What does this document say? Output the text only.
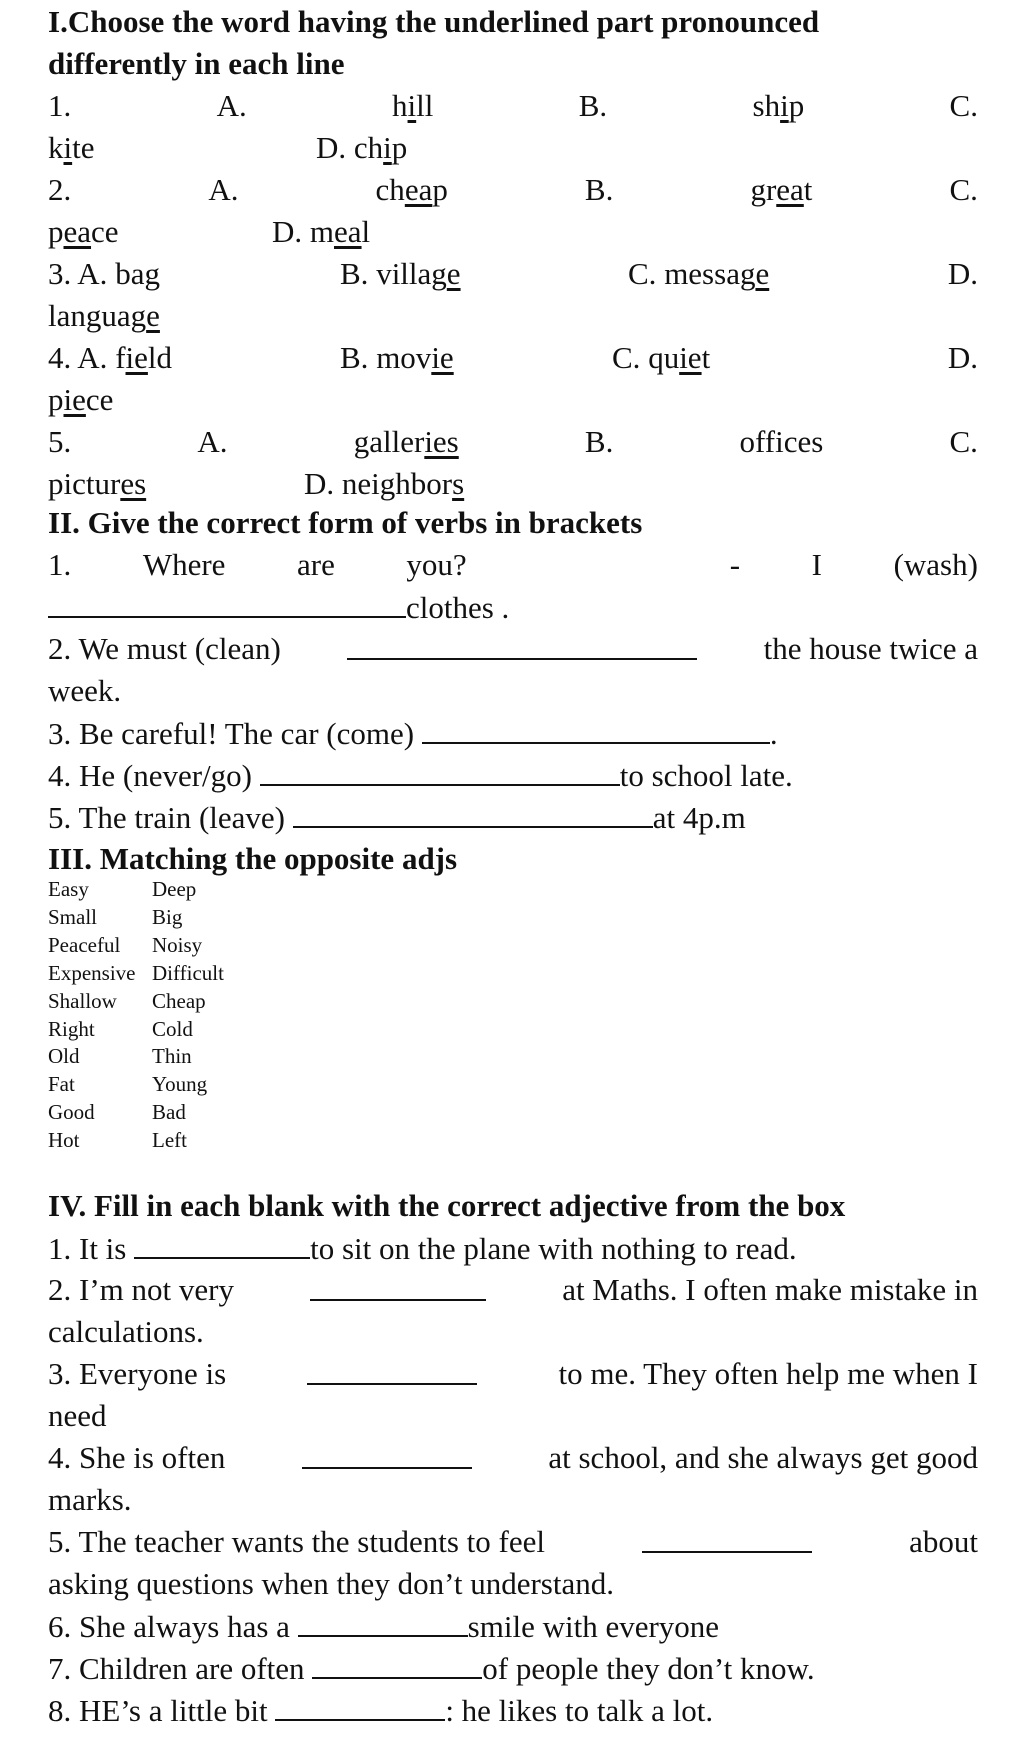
I.Choose the word having the underlined part pronounced
differently in each line
1.	A.	hill	B.	ship	C.
kite	D. chip
2.	A.	cheap	B.	great	C.
peace	D. meal
3. A. bag	B. village	C. message	D.
language
4. A. field	B. movie	C. quiet	D.
piece
5.	A.	galleries	B.	offices	C.
pictures	D. neighbors
II. Give the correct form of verbs in brackets
1. Where are you?	- I (wash)
clothes .
2. We must (clean)	the house twice a
week.
3. Be careful! The car (come)	.
4. He (never/go)	to school late.
5. The train (leave)	at 4p.m
III. Matching the opposite adjs
Easy	Deep
Small	Big
Peaceful	Noisy
Expensive	Difficult
Shallow	Cheap
Right	Cold
Old	Thin
Fat	Young
Good	Bad
Hot	Left
IV. Fill in each blank with the correct adjective from the box
1. It is	to sit on the plane with nothing to read.
2. I’m not very	at Maths. I often make mistake in
calculations.
3. Everyone is	to me. They often help me when I
need
4. She is often	at school, and she always get good
marks.
5. The teacher wants the students to feel	about
asking questions when they don’t understand.
6. She always has a	smile with everyone
7. Children are often	of people they don’t know.
8. HE’s a little bit	: he likes to talk a lot.
